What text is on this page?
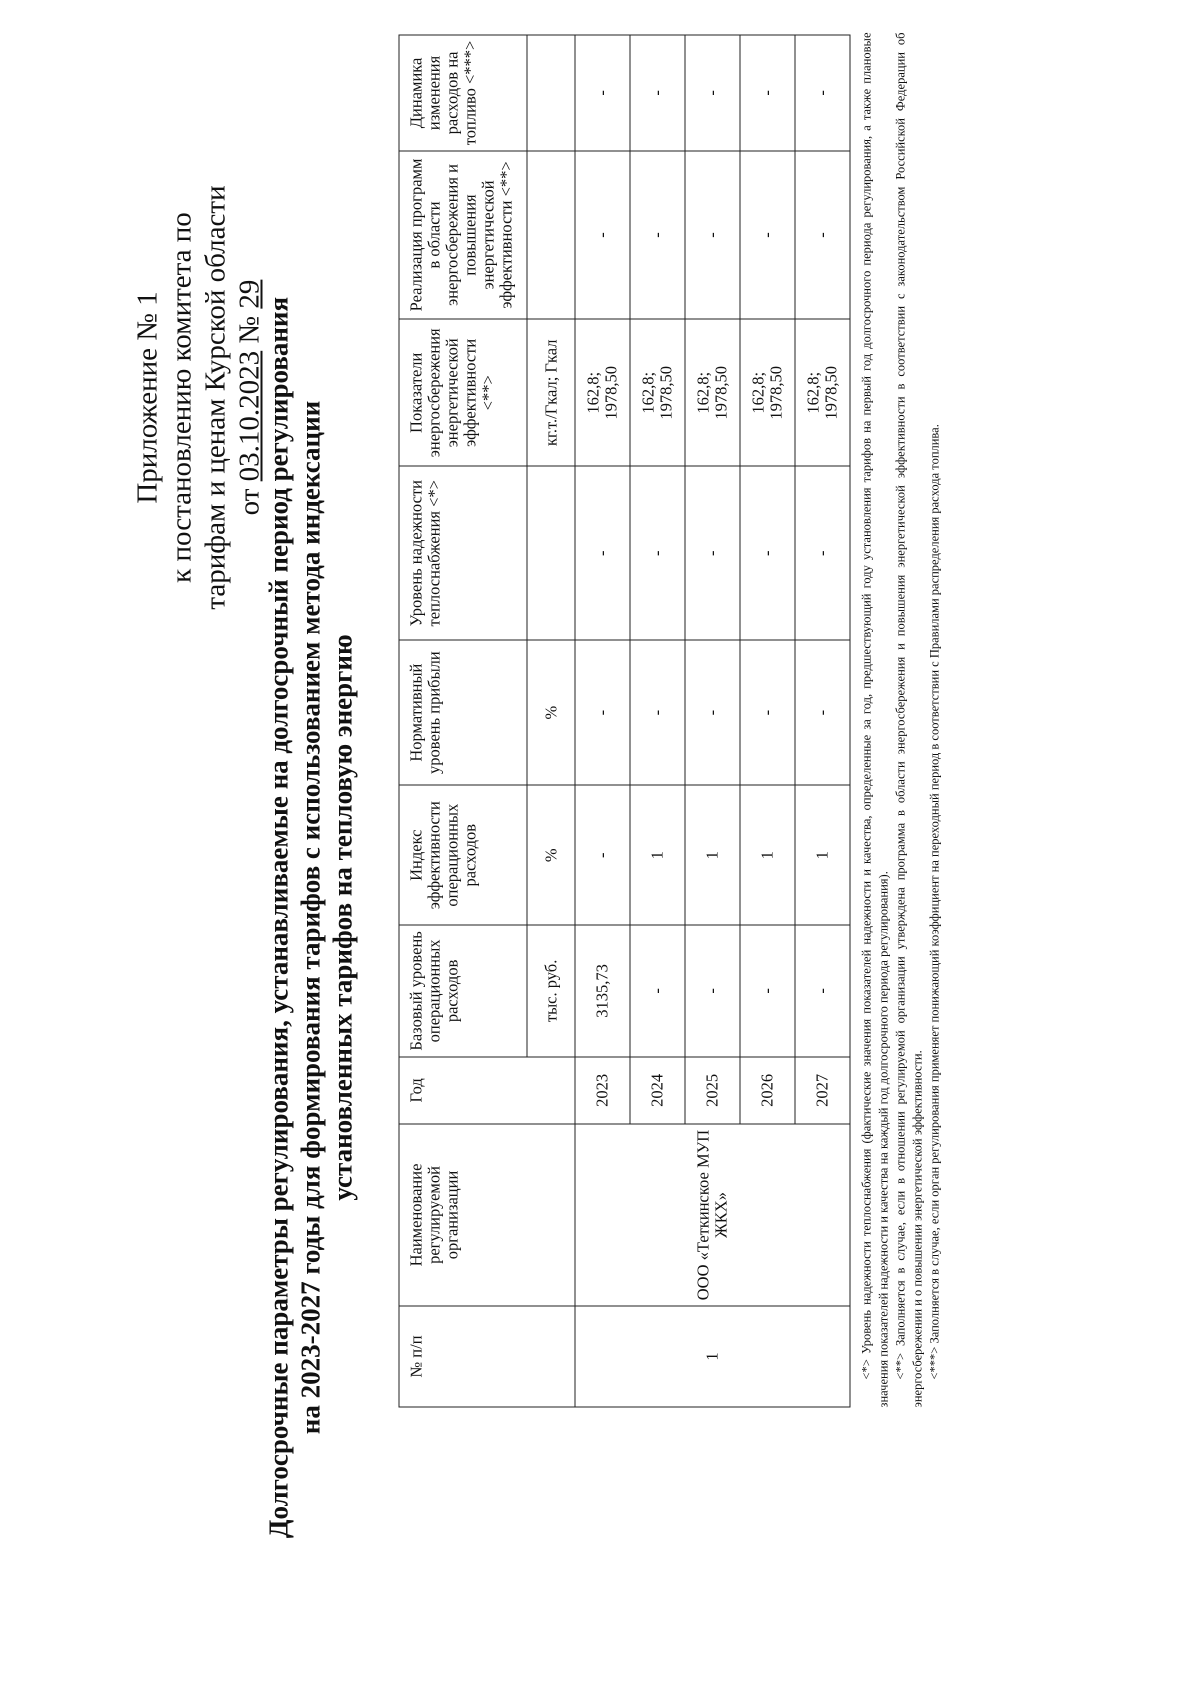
Приложение № 1 к постановлению комитета по тарифам и ценам Курской области от 03.10.2023 № 29
Долгосрочные параметры регулирования, устанавливаемые на долгосрочный период регулирования на 2023-2027 годы для формирования тарифов с использованием метода индексации установленных тарифов на тепловую энергию
№ п/п	Наименование регулируемой организации	Год	Базовый уровень операционных расходов	Индекс эффективности операционных расходов	Нормативный уровень прибыли	Уровень надежности теплоснабжения <*>	Показатели энергосбережения энергетической эффективности <**>	Реализация программ в области энергосбережения и повышения энергетической эффективности <**>	Динамика изменения расходов на топливо <***>
			тыс. руб.	%	%		кг.т./Гкал; Гкал		
1	ООО «Теткинское МУП ЖКХ»	2023	3135,73	-	-	-	162,8; 1978,50	-	-
		2024	-	1	-	-	162,8; 1978,50	-	-
		2025	-	1	-	-	162,8; 1978,50	-	-
		2026	-	1	-	-	162,8; 1978,50	-	-
		2027	-	1	-	-	162,8; 1978,50	-	- <*> Уровень надежности теплоснабжения (фактические значения показателей надежности и качества, определенные за год, предшествующий году установления тарифов на первый год долгосрочного периода регулирования, а также плановые значения показателей надежности и качества на каждый год долгосрочного периода регулирования). <**> Заполняется в случае, если в отношении регулируемой организации утверждена программа в области энергосбережения и повышения энергетической эффективности в соответствии с законодательством Российской Федерации об энергосбережении и о повышении энергетической эффективности. <***> Заполняется в случае, если орган регулирования применяет понижающий коэффициент на переходный период в соответствии с Правилами распределения расхода топлива.
